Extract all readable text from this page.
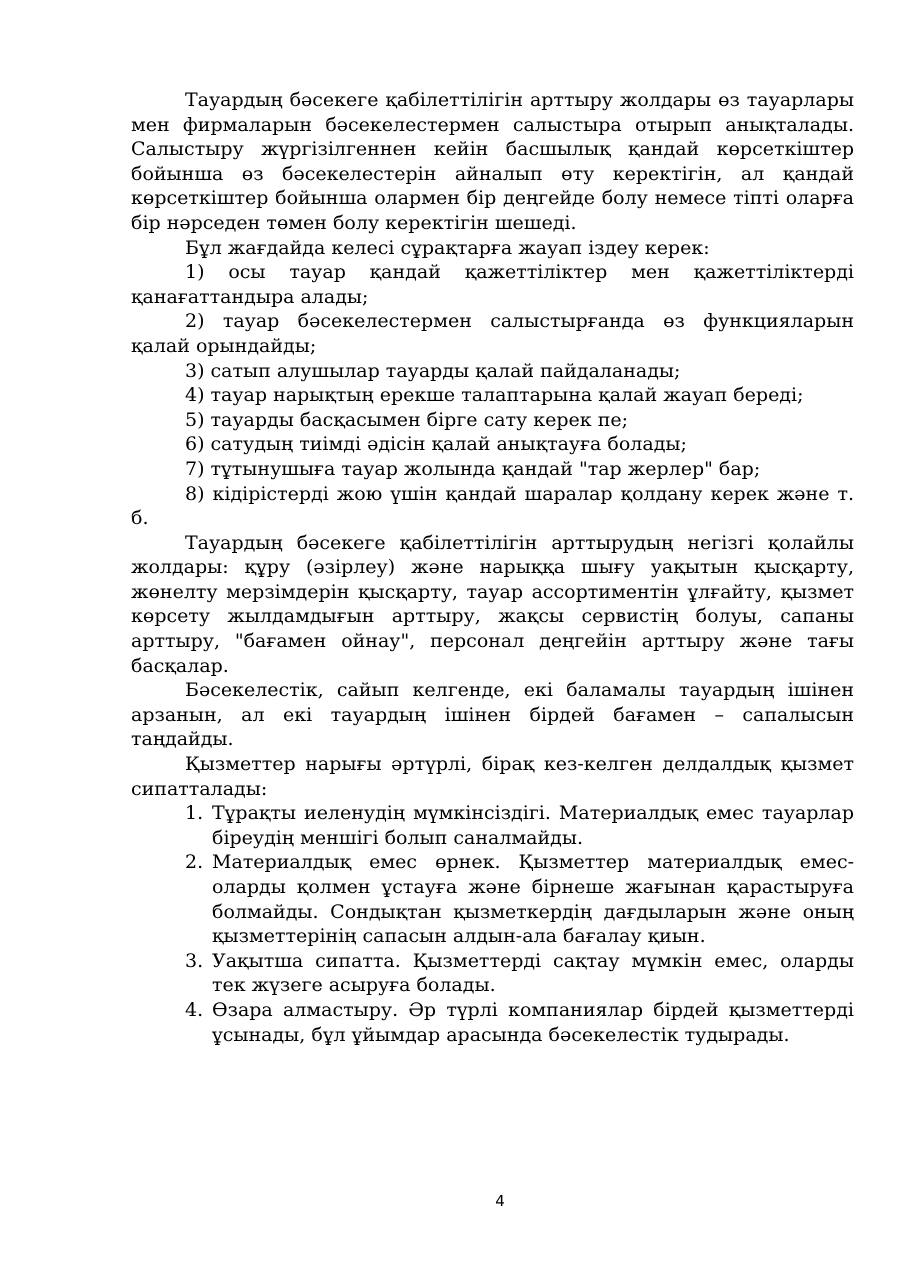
Тауардың бәсекеге қабілеттілігін арттыру жолдары өз тауарлары мен фирмаларын бәсекелестермен салыстыра отырып анықталады. Салыстыру жүргізілгеннен кейін басшылық қандай көрсеткіштер бойынша өз бәсекелестерін айналып өту керектігін, ал қандай көрсеткіштер бойынша олармен бір деңгейде болу немесе тіпті оларға бір нәрседен төмен болу керектігін шешеді.

Бұл жағдайда келесі сұрақтарға жауап іздеу керек:

1) осы тауар қандай қажеттіліктер мен қажеттіліктерді қанағаттандыра алады;

2) тауар бәсекелестермен салыстырғанда өз функцияларын қалай орындайды;

3) сатып алушылар тауарды қалай пайдаланады;

4) тауар нарықтың ерекше талаптарына қалай жауап береді;

5) тауарды басқасымен бірге сату керек пе;

6) сатудың тиімді әдісін қалай анықтауға болады;

7) тұтынушыға тауар жолында қандай "тар жерлер" бар;

8) кідірістерді жою үшін қандай шаралар қолдану керек және т. б.

Тауардың бәсекеге қабілеттілігін арттырудың негізгі қолайлы жолдары: құру (әзірлеу) және нарыққа шығу уақытын қысқарту, жөнелту мерзімдерін қысқарту, тауар ассортиментін ұлғайту, қызмет көрсету жылдамдығын арттыру, жақсы сервистің болуы, сапаны арттыру, "бағамен ойнау", персонал деңгейін арттыру және тағы басқалар.

Бәсекелестік, сайып келгенде, екі баламалы тауардың ішінен арзанын, ал екі тауардың ішінен бірдей бағамен – сапалысын таңдайды.

Қызметтер нарығы әртүрлі, бірақ кез-келген делдалдық қызмет сипатталады:

1. Тұрақты иеленудің мүмкінсіздігі. Материалдық емес тауарлар біреудің меншігі болып саналмайды.
2. Материалдық емес өрнек. Қызметтер материалдық емес-оларды қолмен ұстауға және бірнеше жағынан қарастыруға болмайды. Сондықтан қызметкердің дағдыларын және оның қызметтерінің сапасын алдын-ала бағалау қиын.
3. Уақытша сипатта. Қызметтерді сақтау мүмкін емес, оларды тек жүзеге асыруға болады.
4. Өзара алмастыру. Әр түрлі компаниялар бірдей қызметтерді ұсынады, бұл ұйымдар арасында бәсекелестік тудырады.
4
